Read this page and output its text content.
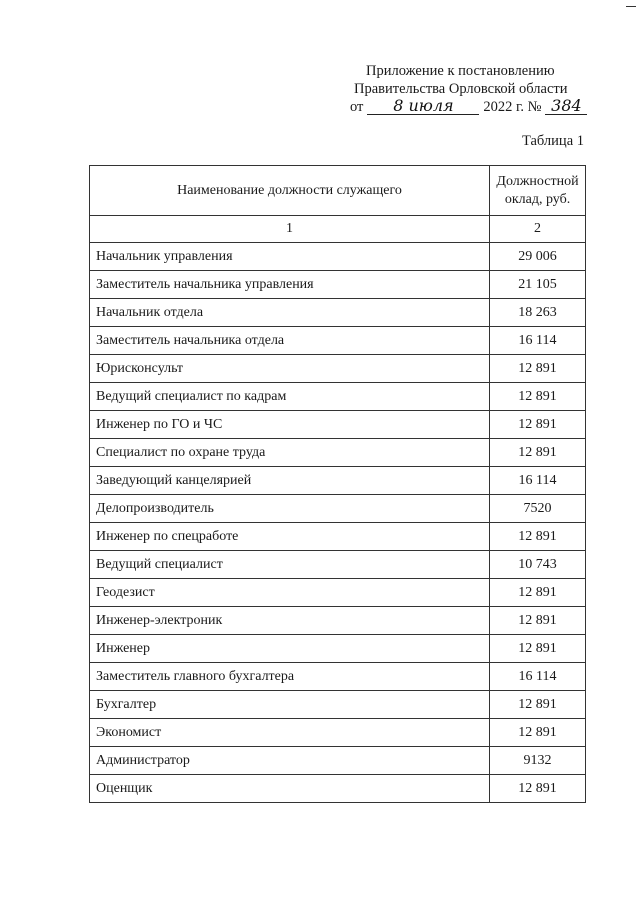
Приложение к постановлению
Правительства Орловской области
от 8 июля 2022 г. № 384
Таблица 1
Наименование должности служащего	Должностной оклад, руб.
1	2
Начальник управления	29 006
Заместитель начальника управления	21 105
Начальник отдела	18 263
Заместитель начальника отдела	16 114
Юрисконсульт	12 891
Ведущий специалист по кадрам	12 891
Инженер по ГО и ЧС	12 891
Специалист по охране труда	12 891
Заведующий канцелярией	16 114
Делопроизводитель	7520
Инженер по спецработе	12 891
Ведущий специалист	10 743
Геодезист	12 891
Инженер-электроник	12 891
Инженер	12 891
Заместитель главного бухгалтера	16 114
Бухгалтер	12 891
Экономист	12 891
Администратор	9132
Оценщик	12 891
